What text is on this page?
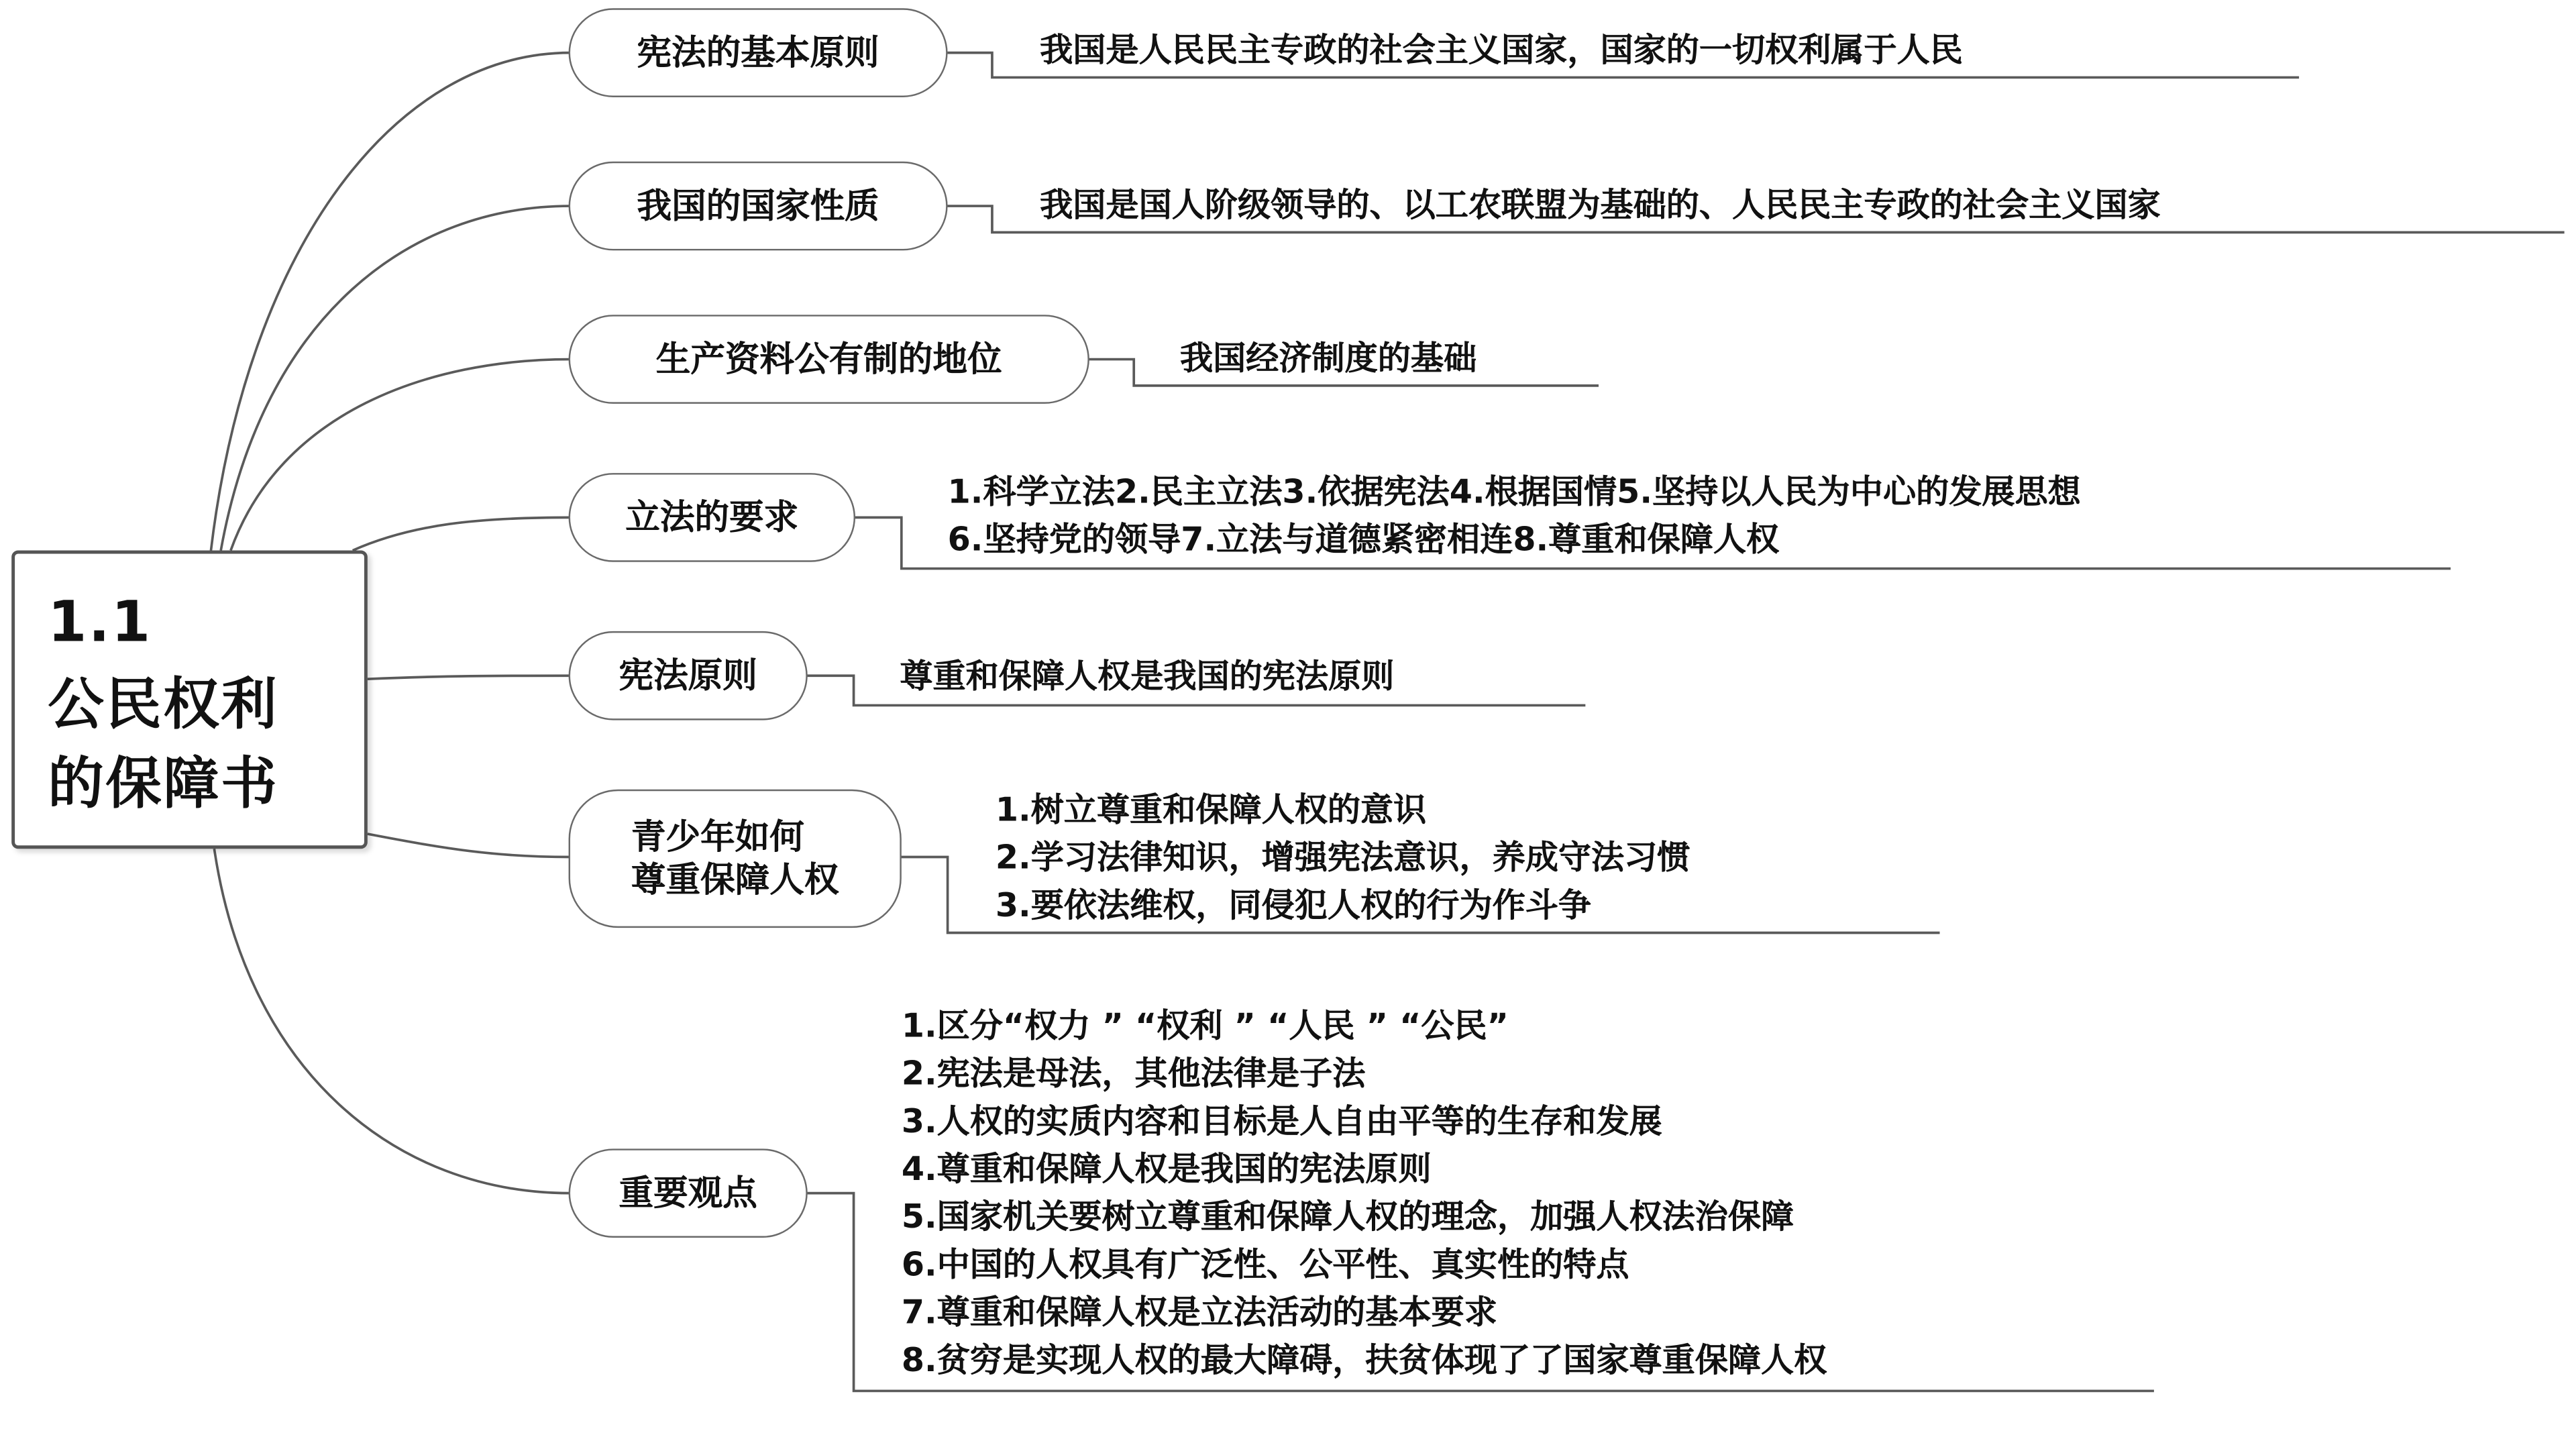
1.1
公民权利
的保障书
宪法的基本原则	我国是人民民主专政的社会主义国家，国家的一切权利属于人民
我国的国家性质	我国是国人阶级领导的、以工农联盟为基础的、人民民主专政的社会主义国家
生产资料公有制的地位	我国经济制度的基础
立法的要求
1.科学立法2.民主立法3.依据宪法4.根据国情5.坚持以人民为中心的发展思想
6.坚持党的领导7.立法与道德紧密相连8.尊重和保障人权
宪法原则	尊重和保障人权是我国的宪法原则
青少年如何
尊重保障人权
1.树立尊重和保障人权的意识
2.学习法律知识，增强宪法意识，养成守法习惯
3.要依法维权，同侵犯人权的行为作斗争
重要观点
1.区分“权力 ” “权利 ” “人民 ” “公民”
2.宪法是母法，其他法律是子法
3.人权的实质内容和目标是人自由平等的生存和发展
4.尊重和保障人权是我国的宪法原则
5.国家机关要树立尊重和保障人权的理念，加强人权法治保障
6.中国的人权具有广泛性、公平性、真实性的特点
7.尊重和保障人权是立法活动的基本要求
8.贫穷是实现人权的最大障碍，扶贫体现了了国家尊重保障人权
